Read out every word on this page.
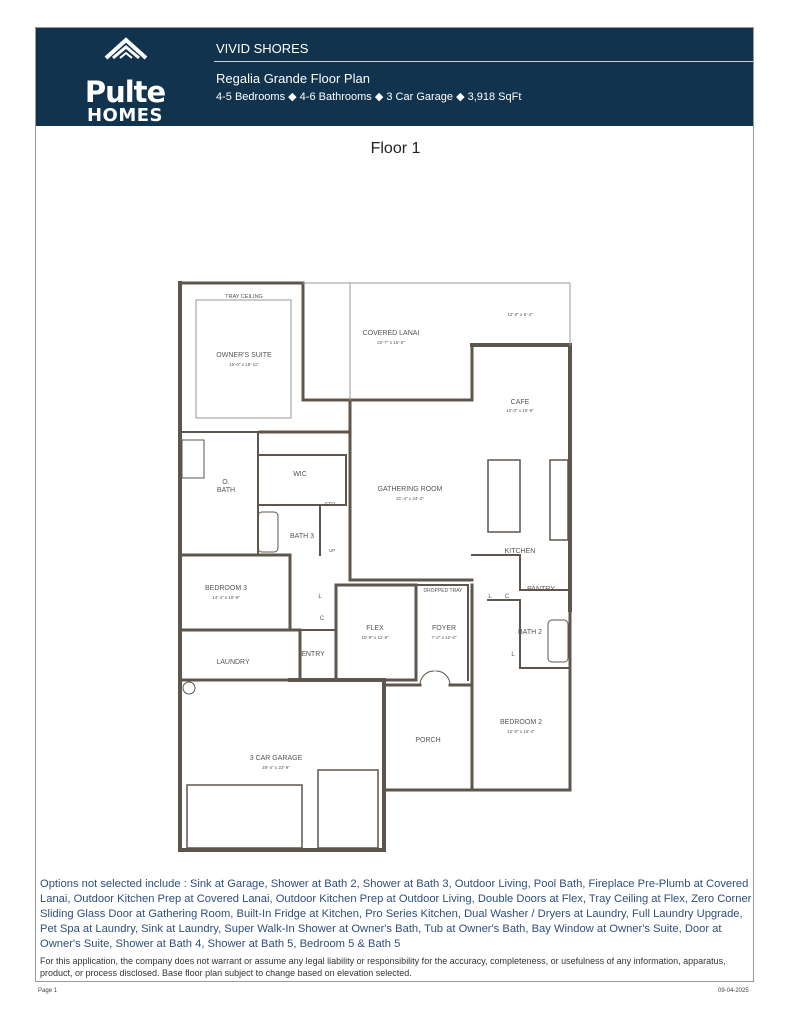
Pulte
HOMES
VIVID SHORES
Regalia Grande Floor Plan
4-5 Bedrooms ◆ 4-6 Bathrooms ◆ 3 Car Garage ◆ 3,918 SqFt
Floor 1
TRAY CEILING
OWNER'S SUITE
16'-0" x 19'-11"
COVERED LANAI
22'-7" x 15'-0"
12'-0" x 5'-4"
CAFE
12'-0" x 15'-9"
O.
BATH
WIC
GATHERING ROOM
21'-4" x 24'-2"
STO
BATH 3
UP	KITCHEN
PANTRY
BEDROOM 3
14'-4" x 10'-9"	L
C
DROPPED TRAY
FLEX
10'-9" x 11'-8"
FOYER
7'-2" x 12'-0"
L C
BATH 2
L
ENTRY
LAUNDRY
BEDROOM 2
12'-0" x 15'-4"
PORCH
3 CAR GARAGE
29'-4" x 22'-9"
Options not selected include : Sink at Garage, Shower at Bath 2, Shower at Bath 3, Outdoor Living, Pool Bath, Fireplace Pre-Plumb at Covered Lanai, Outdoor Kitchen Prep at Covered Lanai, Outdoor Kitchen Prep at Outdoor Living, Double Doors at Flex, Tray Ceiling at Flex, Zero Corner Sliding Glass Door at Gathering Room, Built-In Fridge at Kitchen, Pro Series Kitchen, Dual Washer / Dryers at Laundry, Full Laundry Upgrade, Pet Spa at Laundry, Sink at Laundry, Super Walk-In Shower at Owner's Bath, Tub at Owner's Bath, Bay Window at Owner's Suite, Door at Owner's Suite, Shower at Bath 4, Shower at Bath 5, Bedroom 5 & Bath 5
For this application, the company does not warrant or assume any legal liability or responsibility for the accuracy, completeness, or usefulness of any information, apparatus, product, or process disclosed. Base floor plan subject to change based on elevation selected.
Page 1	09-04-2025
